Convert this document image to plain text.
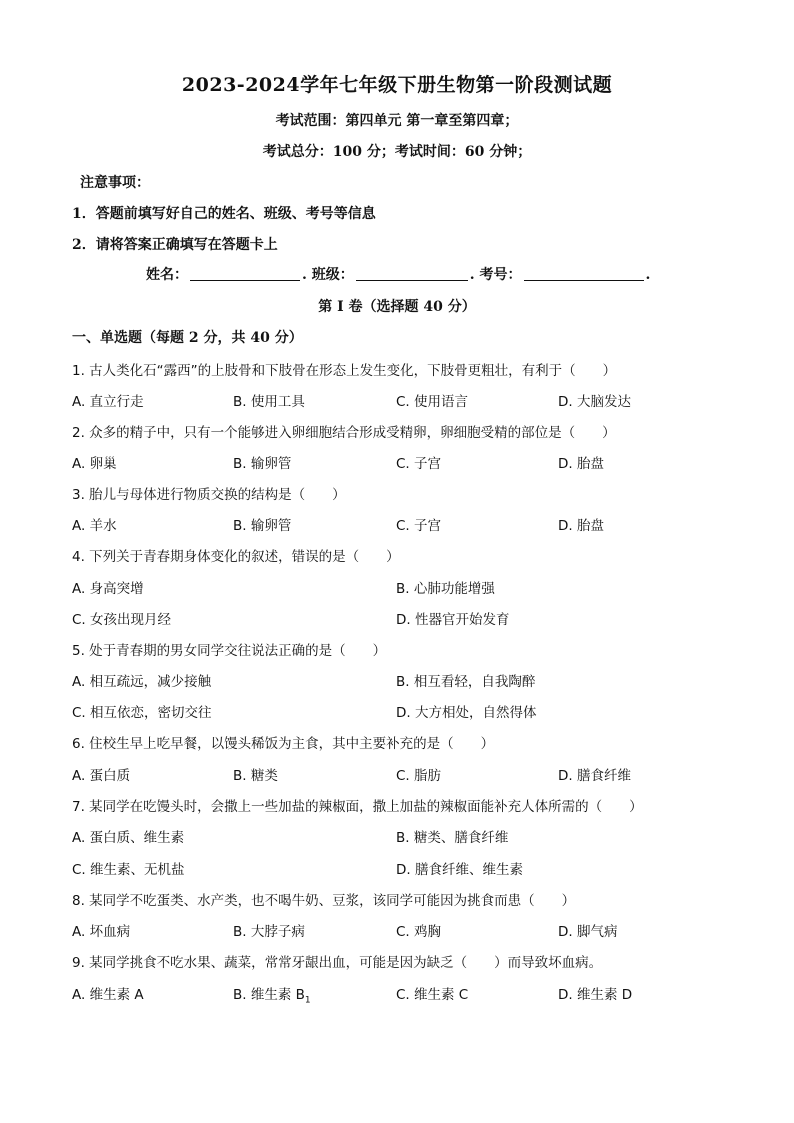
2023-2024学年七年级下册生物第一阶段测试题
考试范围：第四单元 第一章至第四章；
考试总分：100 分；考试时间：60 分钟；
注意事项：
1．答题前填写好自己的姓名、班级、考号等信息
2．请将答案正确填写在答题卡上
姓名：	. 班级：	. 考号：	.
第 I 卷（选择题 40 分）
一、单选题（每题 2 分，共 40 分）
1. 古人类化石“露西”的上肢骨和下肢骨在形态上发生变化，下肢骨更粗壮，有利于（　　）
A. 直立行走	B. 使用工具	C. 使用语言	D. 大脑发达
2. 众多的精子中，只有一个能够进入卵细胞结合形成受精卵，卵细胞受精的部位是（　　）
A. 卵巢	B. 输卵管	C. 子宫	D. 胎盘
3. 胎儿与母体进行物质交换的结构是（　　）
A. 羊水	B. 输卵管	C. 子宫	D. 胎盘
4. 下列关于青春期身体变化的叙述，错误的是（　　）
A. 身高突增	B. 心肺功能增强
C. 女孩出现月经	D. 性器官开始发育
5. 处于青春期的男女同学交往说法正确的是（　　）
A. 相互疏远，减少接触	B. 相互看轻，自我陶醉
C. 相互依恋，密切交往	D. 大方相处，自然得体
6. 住校生早上吃早餐，以馒头稀饭为主食，其中主要补充的是（　　）
A. 蛋白质	B. 糖类	C. 脂肪	D. 膳食纤维
7. 某同学在吃馒头时，会撒上一些加盐的辣椒面，撒上加盐的辣椒面能补充人体所需的（　　）
A. 蛋白质、维生素	B. 糖类、膳食纤维
C. 维生素、无机盐	D. 膳食纤维、维生素
8. 某同学不吃蛋类、水产类，也不喝牛奶、豆浆，该同学可能因为挑食而患（　　）
A. 坏血病	B. 大脖子病	C. 鸡胸	D. 脚气病
9. 某同学挑食不吃水果、蔬菜，常常牙龈出血，可能是因为缺乏（　　）而导致坏血病。
A. 维生素 A	B. 维生素 $B_1$	C. 维生素 C	D. 维生素 D
